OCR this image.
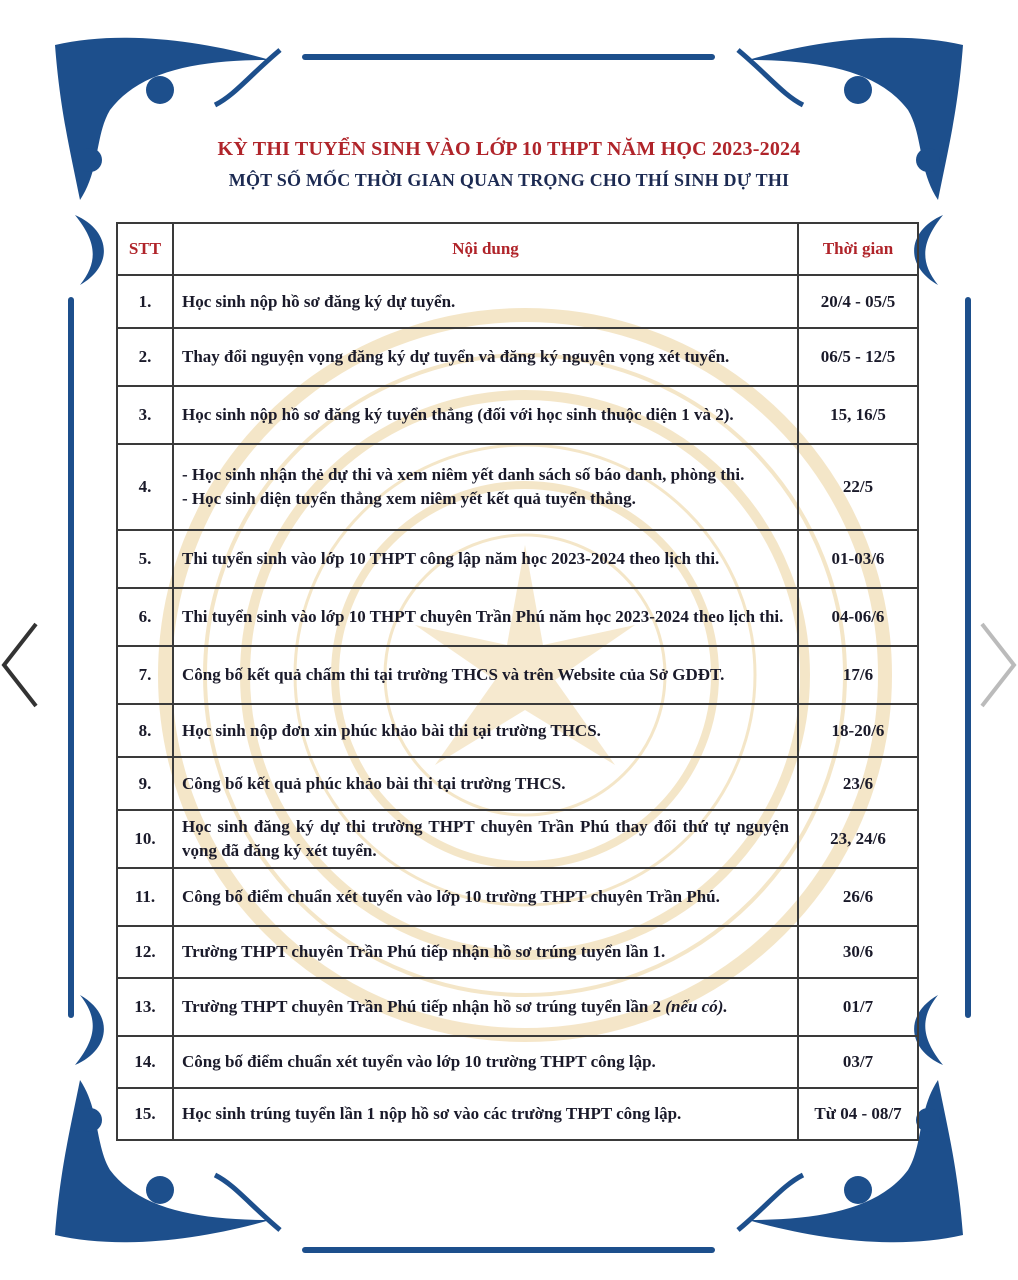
KỲ THI TUYỂN SINH VÀO LỚP 10 THPT NĂM HỌC 2023-2024
MỘT SỐ MỐC THỜI GIAN QUAN TRỌNG CHO THÍ SINH DỰ THI
STT	Nội dung	Thời gian
1.	Học sinh nộp hồ sơ đăng ký dự tuyển.	20/4 - 05/5
2.	Thay đổi nguyện vọng đăng ký dự tuyển và đăng ký nguyện vọng xét tuyển.	06/5 - 12/5
3.	Học sinh nộp hồ sơ đăng ký tuyển thẳng (đối với học sinh thuộc diện 1 và 2).	15, 16/5
4.	- Học sinh nhận thẻ dự thi và xem niêm yết danh sách số báo danh, phòng thi.
- Học sinh diện tuyển thẳng xem niêm yết kết quả tuyển thẳng.	22/5
5.	Thi tuyển sinh vào lớp 10 THPT công lập năm học 2023-2024 theo lịch thi.	01-03/6
6.	Thi tuyển sinh vào lớp 10 THPT chuyên Trần Phú năm học 2023-2024 theo lịch thi.	04-06/6
7.	Công bố kết quả chấm thi tại trường THCS và trên Website của Sở GDĐT.	17/6
8.	Học sinh nộp đơn xin phúc khảo bài thi tại trường THCS.	18-20/6
9.	Công bố kết quả phúc khảo bài thi tại trường THCS.	23/6
10.	Học sinh đăng ký dự thi trường THPT chuyên Trần Phú thay đổi thứ tự nguyện vọng đã đăng ký xét tuyển.	23, 24/6
11.	Công bố điểm chuẩn xét tuyển vào lớp 10 trường THPT chuyên Trần Phú.	26/6
12.	Trường THPT chuyên Trần Phú tiếp nhận hồ sơ trúng tuyển lần 1.	30/6
13.	Trường THPT chuyên Trần Phú tiếp nhận hồ sơ trúng tuyển lần 2 (nếu có).	01/7
14.	Công bố điểm chuẩn xét tuyển vào lớp 10 trường THPT công lập.	03/7
15.	Học sinh trúng tuyển lần 1 nộp hồ sơ vào các trường THPT công lập.	Từ 04 - 08/7
